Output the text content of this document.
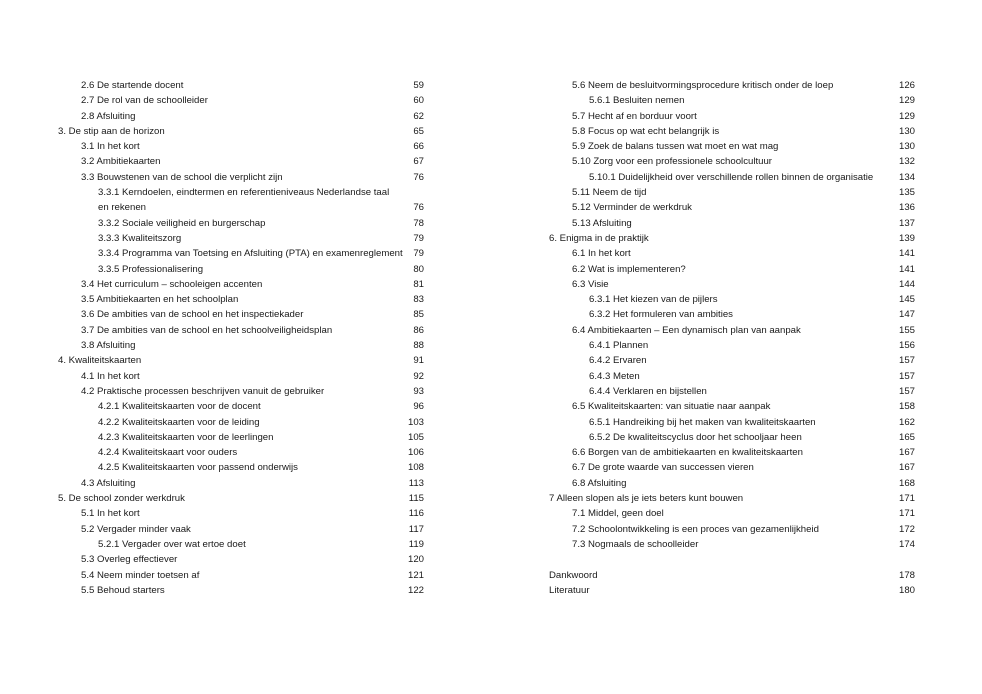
2.6 De startende docent	59
2.7 De rol van de schoolleider	60
2.8 Afsluiting	62
3. De stip aan de horizon	65
3.1 In het kort	66
3.2 Ambitiekaarten	67
3.3 Bouwstenen van de school die verplicht zijn	76
3.3.1 Kerndoelen, eindtermen en referentieniveaus Nederlandse taal
en rekenen	76
3.3.2 Sociale veiligheid en burgerschap	78
3.3.3 Kwaliteitszorg	79
3.3.4 Programma van Toetsing en Afsluiting (PTA) en examenreglement 79
3.3.5 Professionalisering	80
3.4 Het curriculum – schooleigen accenten	81
3.5 Ambitiekaarten en het schoolplan	83
3.6 De ambities van de school en het inspectiekader	85
3.7 De ambities van de school en het schoolveiligheidsplan	86
3.8 Afsluiting	88
4. Kwaliteitskaarten	91
4.1 In het kort	92
4.2 Praktische processen beschrijven vanuit de gebruiker	93
4.2.1 Kwaliteitskaarten voor de docent	96
4.2.2 Kwaliteitskaarten voor de leiding	103
4.2.3 Kwaliteitskaarten voor de leerlingen	105
4.2.4 Kwaliteitskaart voor ouders	106
4.2.5 Kwaliteitskaarten voor passend onderwijs	108
4.3 Afsluiting	113
5. De school zonder werkdruk	115
5.1 In het kort	116
5.2 Vergader minder vaak	117
5.2.1 Vergader over wat ertoe doet	119
5.3 Overleg effectiever	120
5.4 Neem minder toetsen af	121
5.5 Behoud starters	122
5.6 Neem de besluitvormingsprocedure kritisch onder de loep	126
5.6.1 Besluiten nemen	129
5.7 Hecht af en borduur voort	129
5.8 Focus op wat echt belangrijk is	130
5.9 Zoek de balans tussen wat moet en wat mag	130
5.10 Zorg voor een professionele schoolcultuur	132
5.10.1 Duidelijkheid over verschillende rollen binnen de organisatie	134
5.11 Neem de tijd	135
5.12 Verminder de werkdruk	136
5.13 Afsluiting	137
6. Enigma in de praktijk	139
6.1 In het kort	141
6.2 Wat is implementeren?	141
6.3 Visie	144
6.3.1 Het kiezen van de pijlers	145
6.3.2 Het formuleren van ambities	147
6.4 Ambitiekaarten – Een dynamisch plan van aanpak	155
6.4.1 Plannen	156
6.4.2 Ervaren	157
6.4.3 Meten	157
6.4.4 Verklaren en bijstellen	157
6.5 Kwaliteitskaarten: van situatie naar aanpak	158
6.5.1 Handreiking bij het maken van kwaliteitskaarten	162
6.5.2 De kwaliteitscyclus door het schooljaar heen	165
6.6 Borgen van de ambitiekaarten en kwaliteitskaarten	167
6.7 De grote waarde van successen vieren	167
6.8 Afsluiting	168
7 Alleen slopen als je iets beters kunt bouwen	171
7.1 Middel, geen doel	171
7.2 Schoolontwikkeling is een proces van gezamenlijkheid	172
7.3 Nogmaals de schoolleider	174
Dankwoord	178
Literatuur	180
